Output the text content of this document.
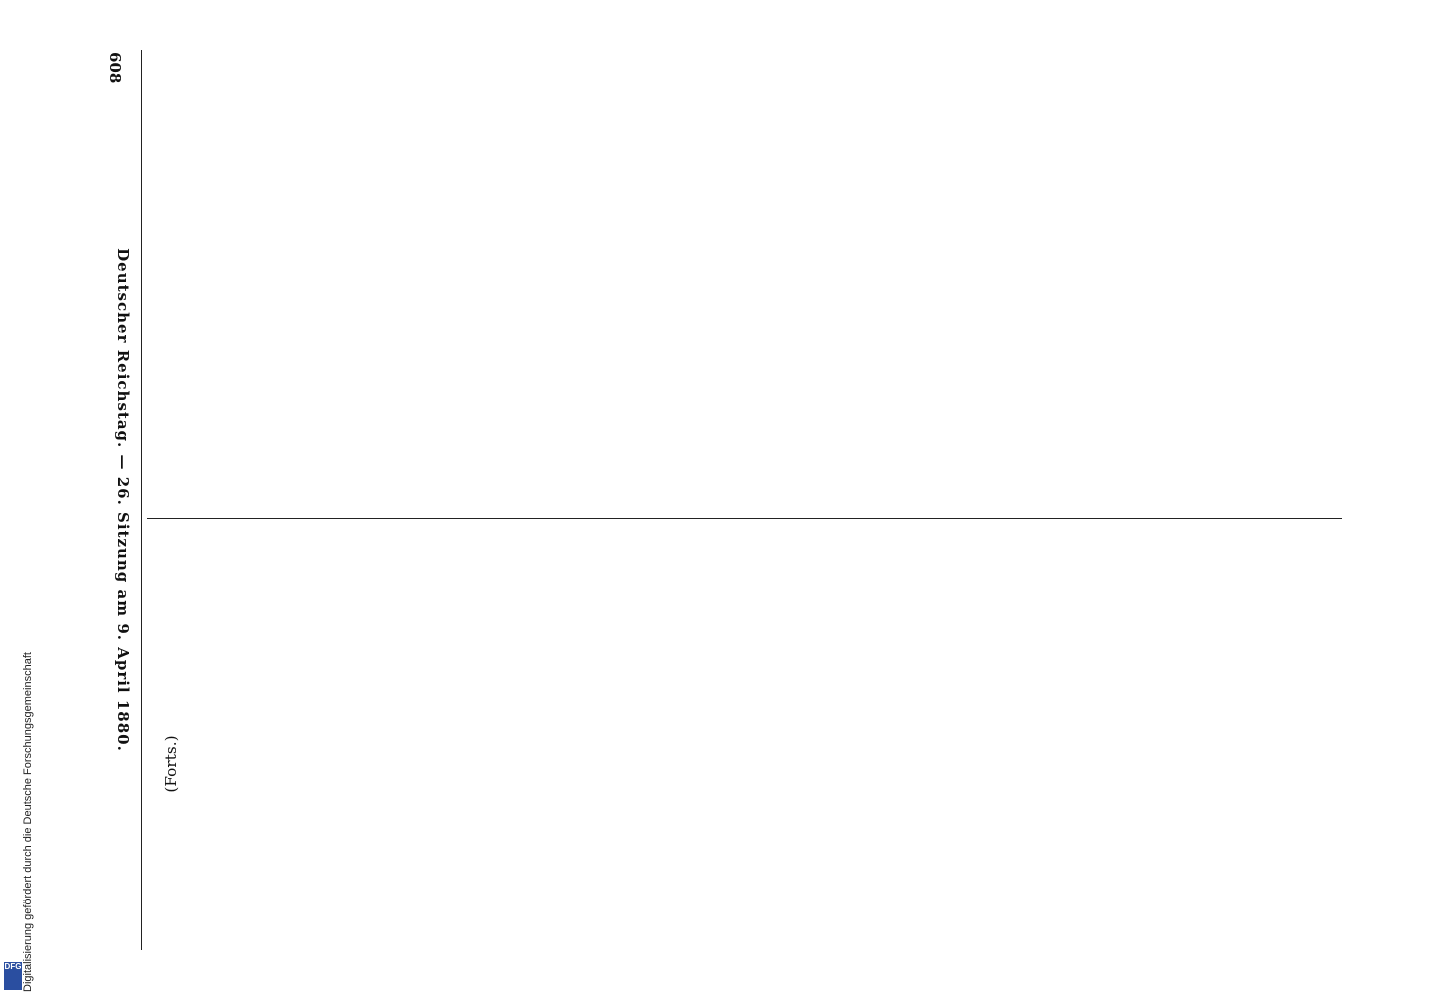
608
Deutscher Reichstag. — 26. Sitzung am 9. April 1880.

(Forts.)

Digitalisierung gefördert durch die Deutsche Forschungsgemeinschaft
DFG
